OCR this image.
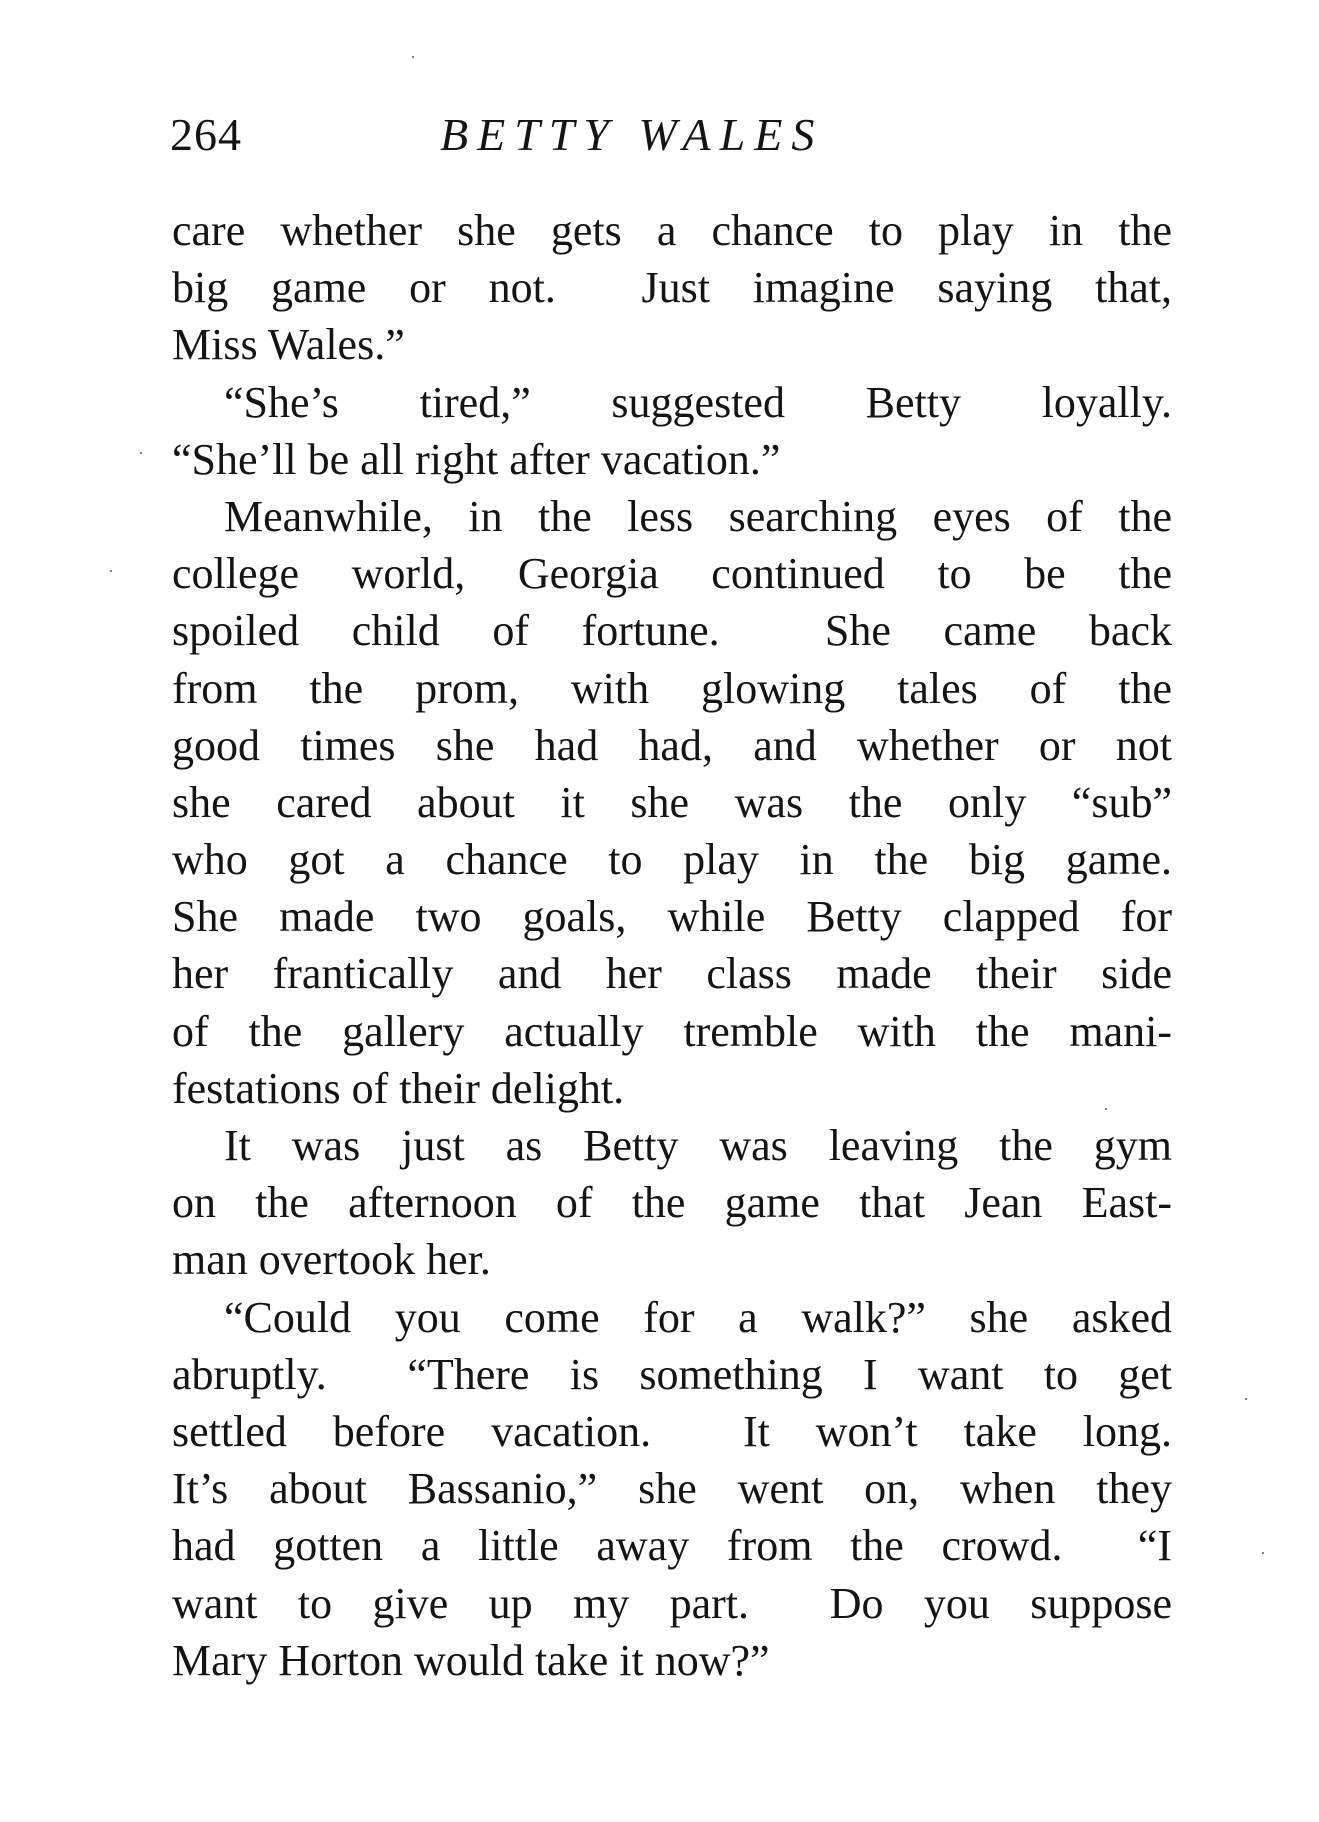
264	BETTY WALES
care whether she gets a chance to play in the
big game or not.  Just imagine saying that,
Miss Wales.”
“She’s tired,” suggested Betty loyally.
“She’ll be all right after vacation.”
Meanwhile, in the less searching eyes of the
college world, Georgia continued to be the
spoiled child of fortune.  She came back
from the prom, with glowing tales of the
good times she had had, and whether or not
she cared about it she was the only “sub”
who got a chance to play in the big game.
She made two goals, while Betty clapped for
her frantically and her class made their side
of the gallery actually tremble with the mani-
festations of their delight.
It was just as Betty was leaving the gym
on the afternoon of the game that Jean East-
man overtook her.
“Could you come for a walk?” she asked
abruptly.  “There is something I want to get
settled before vacation.  It won’t take long.
It’s about Bassanio,” she went on, when they
had gotten a little away from the crowd.  “I
want to give up my part.  Do you suppose
Mary Horton would take it now?”
